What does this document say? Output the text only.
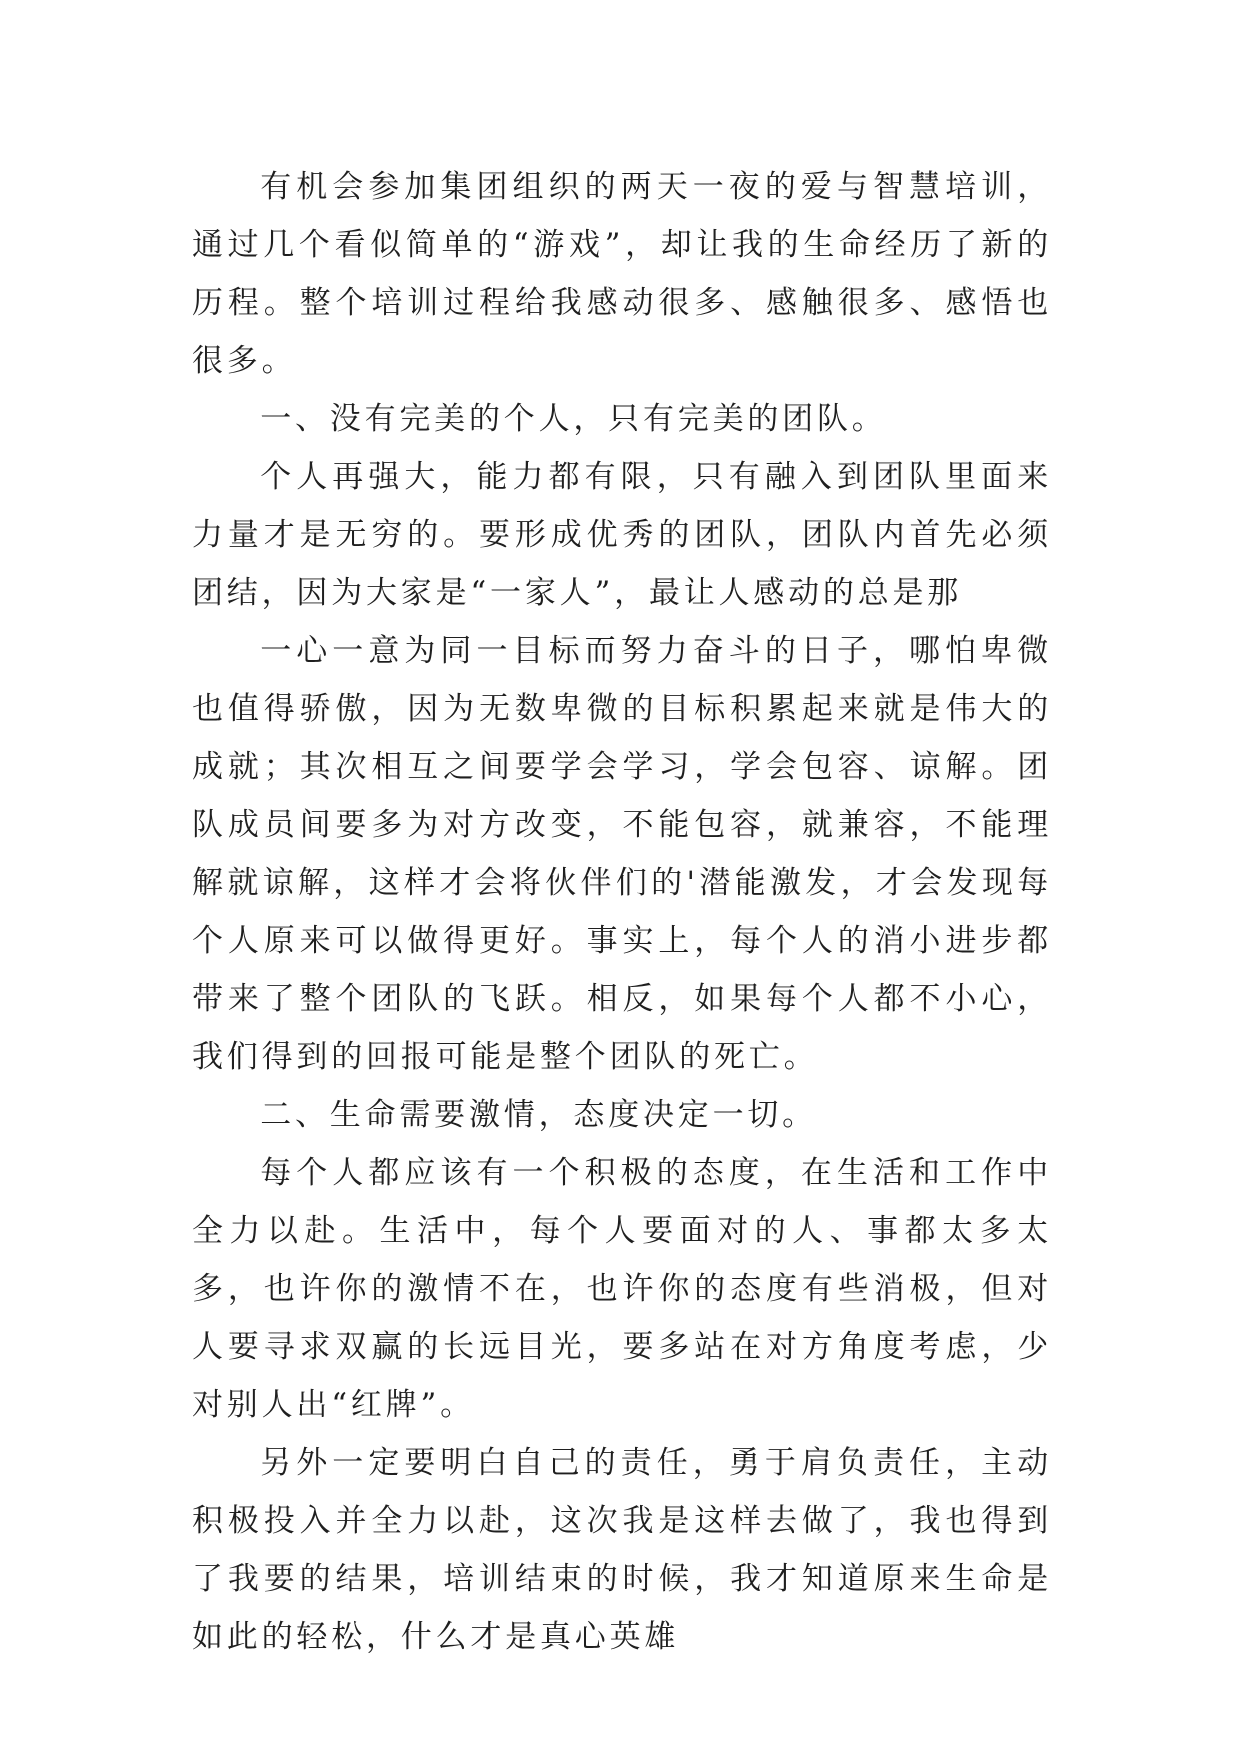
有机会参加集团组织的两天一夜的爱与智慧培训，通过几个看似简单的“游戏”，却让我的生命经历了新的历程。整个培训过程给我感动很多、感触很多、感悟也很多。

一、没有完美的个人，只有完美的团队。

个人再强大，能力都有限，只有融入到团队里面来力量才是无穷的。要形成优秀的团队，团队内首先必须团结，因为大家是“一家人”，最让人感动的总是那

一心一意为同一目标而努力奋斗的日子，哪怕卑微也值得骄傲，因为无数卑微的目标积累起来就是伟大的成就；其次相互之间要学会学习，学会包容、谅解。团队成员间要多为对方改变，不能包容，就兼容，不能理解就谅解，这样才会将伙伴们的'潜能激发，才会发现每个人原来可以做得更好。事实上，每个人的消小进步都带来了整个团队的飞跃。相反，如果每个人都不小心，我们得到的回报可能是整个团队的死亡。

二、生命需要激情，态度决定一切。

每个人都应该有一个积极的态度，在生活和工作中全力以赴。生活中，每个人要面对的人、事都太多太多，也许你的激情不在，也许你的态度有些消极，但对人要寻求双赢的长远目光，要多站在对方角度考虑，少对别人出“红牌”。

另外一定要明白自己的责任，勇于肩负责任，主动积极投入并全力以赴，这次我是这样去做了，我也得到了我要的结果，培训结束的时候，我才知道原来生命是如此的轻松，什么才是真心英雄
